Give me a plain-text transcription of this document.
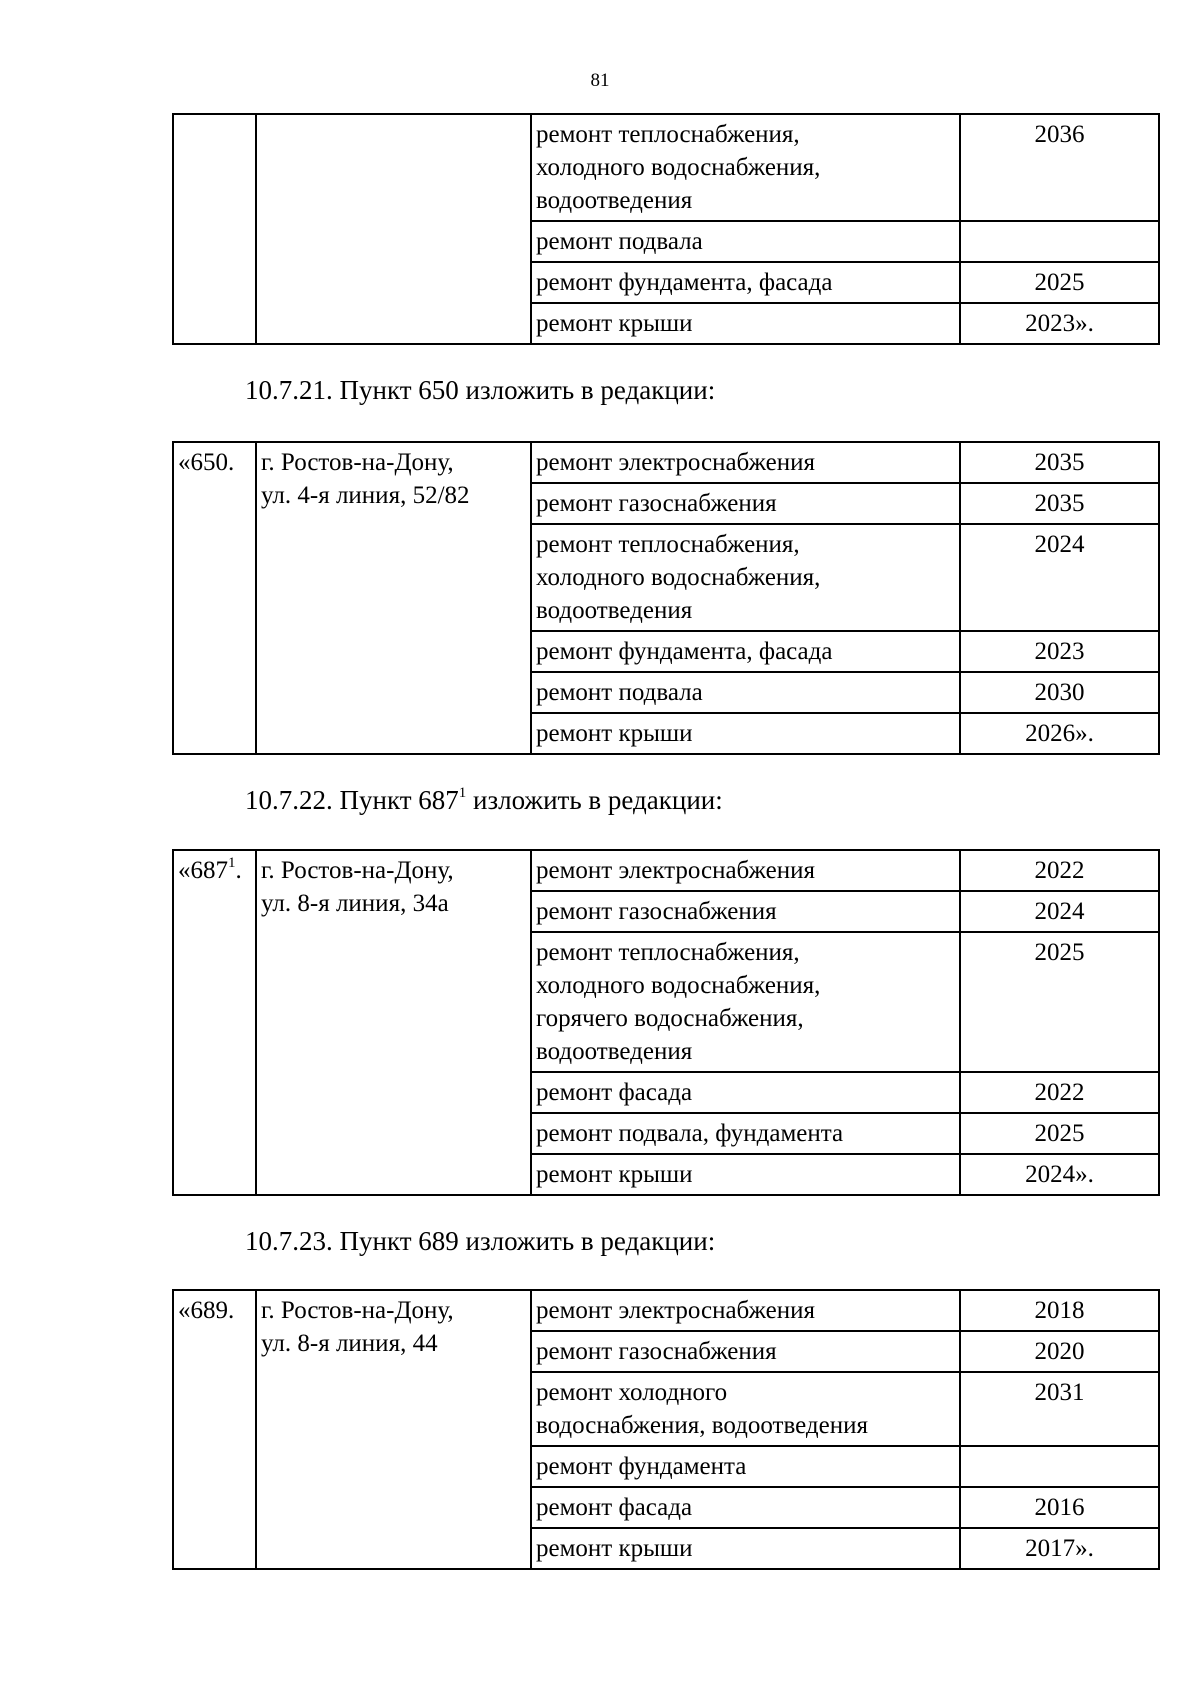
81
		ремонт теплоснабжения,
холодного водоснабжения,
водоотведения	2036
		ремонт подвала	
		ремонт фундамента, фасада	2025
		ремонт крыши	2023».
10.7.21. Пункт 650 изложить в редакции:
«650.	г. Ростов-на-Дону,
ул. 4-я линия, 52/82	ремонт электроснабжения	2035
		ремонт газоснабжения	2035
		ремонт теплоснабжения,
холодного водоснабжения,
водоотведения	2024
		ремонт фундамента, фасада	2023
		ремонт подвала	2030
		ремонт крыши	2026».
10.7.22. Пункт $687^1$ изложить в редакции:
«$687^1$.	г. Ростов-на-Дону,
ул. 8-я линия, 34а	ремонт электроснабжения	2022
		ремонт газоснабжения	2024
		ремонт теплоснабжения,
холодного водоснабжения,
горячего водоснабжения,
водоотведения	2025
		ремонт фасада	2022
		ремонт подвала, фундамента	2025
		ремонт крыши	2024».
10.7.23. Пункт 689 изложить в редакции:
«689.	г. Ростов-на-Дону,
ул. 8-я линия, 44	ремонт электроснабжения	2018
		ремонт газоснабжения	2020
		ремонт холодного
водоснабжения, водоотведения	2031
		ремонт фундамента	
		ремонт фасада	2016
		ремонт крыши	2017».
